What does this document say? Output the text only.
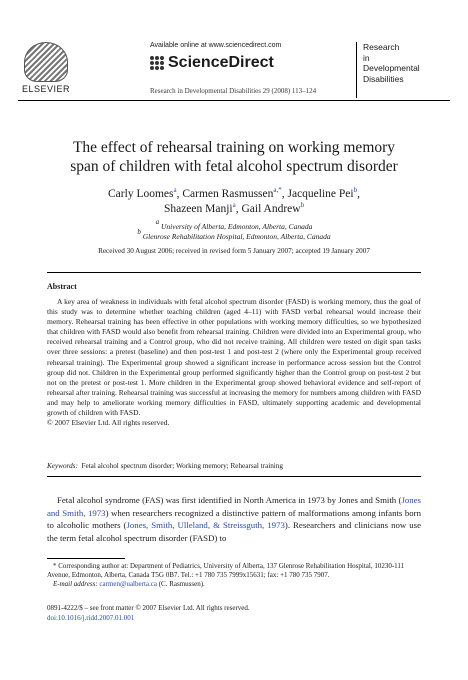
ELSEVIER
Available online at www.sciencedirect.com
ScienceDirect
Research
in
Developmental
Disabilities
Research in Developmental Disabilities 29 (2008) 113–124
The effect of rehearsal training on working memory
span of children with fetal alcohol spectrum disorder
Carly Loomes$^a$, Carmen Rasmussen$^{a,*}$, Jacqueline Pei$^b$,
Shazeen Manji$^a$, Gail Andrew$^b$
$^a$ University of Alberta, Edmonton, Alberta, Canada
$^b$ Glenrose Rehabilitation Hospital, Edmonton, Alberta, Canada
Received 30 August 2006; received in revised form 5 January 2007; accepted 19 January 2007
Abstract
A key area of weakness in individuals with fetal alcohol spectrum disorder (FASD) is working memory, thus the goal of this study was to determine whether teaching children (aged 4–11) with FASD verbal rehearsal would increase their memory. Rehearsal training has been effective in other populations with working memory difficulties, so we hypothesized that children with FASD would also benefit from rehearsal training. Children were divided into an Experimental group, who received rehearsal training and a Control group, who did not receive training. All children were tested on digit span tasks over three sessions: a pretest (baseline) and then post-test 1 and post-test 2 (where only the Experimental group received rehearsal training). The Experimental group showed a significant increase in performance across session but the Control group did not. Children in the Experimental group performed significantly higher than the Control group on post-test 2 but not on the pretest or post-test 1. More children in the Experimental group showed behavioral evidence and self-report of rehearsal after training. Rehearsal training was successful at increasing the memory for numbers among children with FASD and may help to ameliorate working memory difficulties in FASD, ultimately supporting academic and developmental growth of children with FASD.
© 2007 Elsevier Ltd. All rights reserved.
Keywords: Fetal alcohol spectrum disorder; Working memory; Rehearsal training
Fetal alcohol syndrome (FAS) was first identified in North America in 1973 by Jones and Smith (Jones and Smith, 1973) when researchers recognized a distinctive pattern of malformations among infants born to alcoholic mothers (Jones, Smith, Ulleland, & Streissguth, 1973). Researchers and clinicians now use the term fetal alcohol spectrum disorder (FASD) to
* Corresponding author at: Department of Pediatrics, University of Alberta, 137 Glenrose Rehabilitation Hospital, 10230-111 Avenue, Edmonton, Alberta, Canada T5G 0B7. Tel.: +1 780 735 7999x15631; fax: +1 780 735 7907.
E-mail address: carmen@ualberta.ca (C. Rasmussen).
0891-4222/$ – see front matter © 2007 Elsevier Ltd. All rights reserved.
doi:10.1016/j.ridd.2007.01.001
